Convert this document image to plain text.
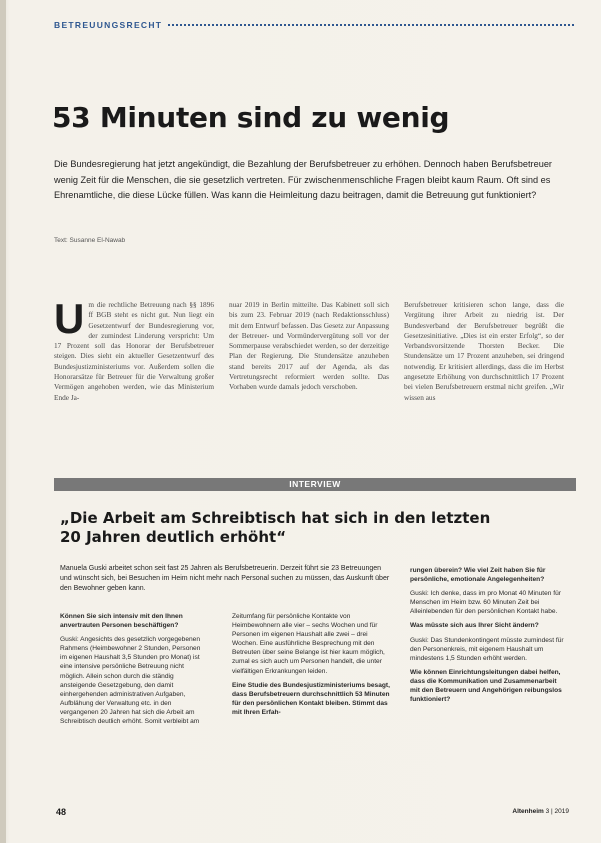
BETREUUNGSRECHT
53 Minuten sind zu wenig

Die Bundesregierung hat jetzt angekündigt, die Bezahlung der Berufsbetreuer zu erhöhen. Dennoch haben Berufsbetreuer wenig Zeit für die Menschen, die sie gesetzlich vertreten. Für zwischenmenschliche Fragen bleibt kaum Raum. Oft sind es Ehrenamtliche, die diese Lücke füllen. Was kann die Heimleitung dazu beitragen, damit die Betreuung gut funktioniert?

Text: Susanne El-Nawab
Um die rechtliche Betreuung nach §§ 1896 ff BGB steht es nicht gut. Nun liegt ein Gesetzentwurf der Bundesregierung vor, der zumindest Linderung verspricht: Um 17 Prozent soll das Honorar der Berufsbetreuer steigen. Dies sieht ein aktueller Gesetzentwurf des Bundesjustizministeriums vor. Außerdem sollen die Honorarsätze für Betreuer für die Verwaltung großer Vermögen angehoben werden, wie das Ministerium Ende Ja-
nuar 2019 in Berlin mitteilte. Das Kabinett soll sich bis zum 23. Februar 2019 (nach Redaktionsschluss) mit dem Entwurf befassen. Das Gesetz zur Anpassung der Betreuer- und Vormündervergütung soll vor der Sommerpause verabschiedet werden, so der derzeitige Plan der Regierung. Die Stundensätze anzuheben stand bereits 2017 auf der Agenda, als das Vertretungsrecht reformiert werden sollte. Das Vorhaben wurde damals jedoch verschoben.
Berufsbetreuer kritisieren schon lange, dass die Vergütung ihrer Arbeit zu niedrig ist. Der Bundesverband der Berufsbetreuer begrüßt die Gesetzesinitiative. „Dies ist ein erster Erfolg“, so der Verbandsvorsitzende Thorsten Becker. Die Stundensätze um 17 Prozent anzuheben, sei dringend notwendig. Er kritisiert allerdings, dass die im Herbst angesetzte Erhöhung von durchschnittlich 17 Prozent bei vielen Berufsbetreuern erstmal nicht greifen. „Wir wissen aus
INTERVIEW
„Die Arbeit am Schreibtisch hat sich in den letzten 20 Jahren deutlich erhöht“
Manuela Guski arbeitet schon seit fast 25 Jahren als Berufsbetreuerin. Derzeit führt sie 23 Betreuungen und wünscht sich, bei Besuchen im Heim nicht mehr nach Personal suchen zu müssen, das Auskunft über den Bewohner geben kann.

Können Sie sich intensiv mit den Ihnen anvertrauten Personen beschäftigen?

Guski: Angesichts des gesetzlich vorgegebenen Rahmens (Heimbewohner 2 Stunden, Personen im eigenen Haushalt 3,5 Stunden pro Monat) ist eine intensive persönliche Betreuung nicht möglich. Allein schon durch die ständig ansteigende Gesetzgebung, den damit einhergehenden administrativen Aufgaben, Aufblähung der Verwaltung etc. in den vergangenen 20 Jahren hat sich die Arbeit am Schreibtisch deutlich erhöht. Somit verbleibt am

Zeitumfang für persönliche Kontakte von Heimbewohnern alle vier – sechs Wochen und für Personen im eigenen Haushalt alle zwei – drei Wochen. Eine ausführliche Besprechung mit den Betreuten über seine Belange ist hier kaum möglich, zumal es sich auch um Personen handelt, die unter vielfältigen Erkrankungen leiden.

Eine Studie des Bundesjustizministeriums besagt, dass Berufsbetreuern durchschnittlich 53 Minuten für den persönlichen Kontakt bleiben. Stimmt das mit Ihren Erfah-

rungen überein? Wie viel Zeit haben Sie für persönliche, emotionale Angelegenheiten?

Guski: Ich denke, dass im pro Monat 40 Minuten für Menschen im Heim bzw. 60 Minuten Zeit bei Alleinlebenden für den persönlichen Kontakt habe.

Was müsste sich aus Ihrer Sicht ändern?

Guski: Das Stundenkontingent müsste zumindest für den Personenkreis, mit eigenem Haushalt um mindestens 1,5 Stunden erhöht werden.

Wie können Einrichtungsleitungen dabei helfen, dass die Kommunikation und Zusammenarbeit mit den Betreuern und Angehörigen reibungslos funktioniert?

48	Altenheim 3 | 2019
